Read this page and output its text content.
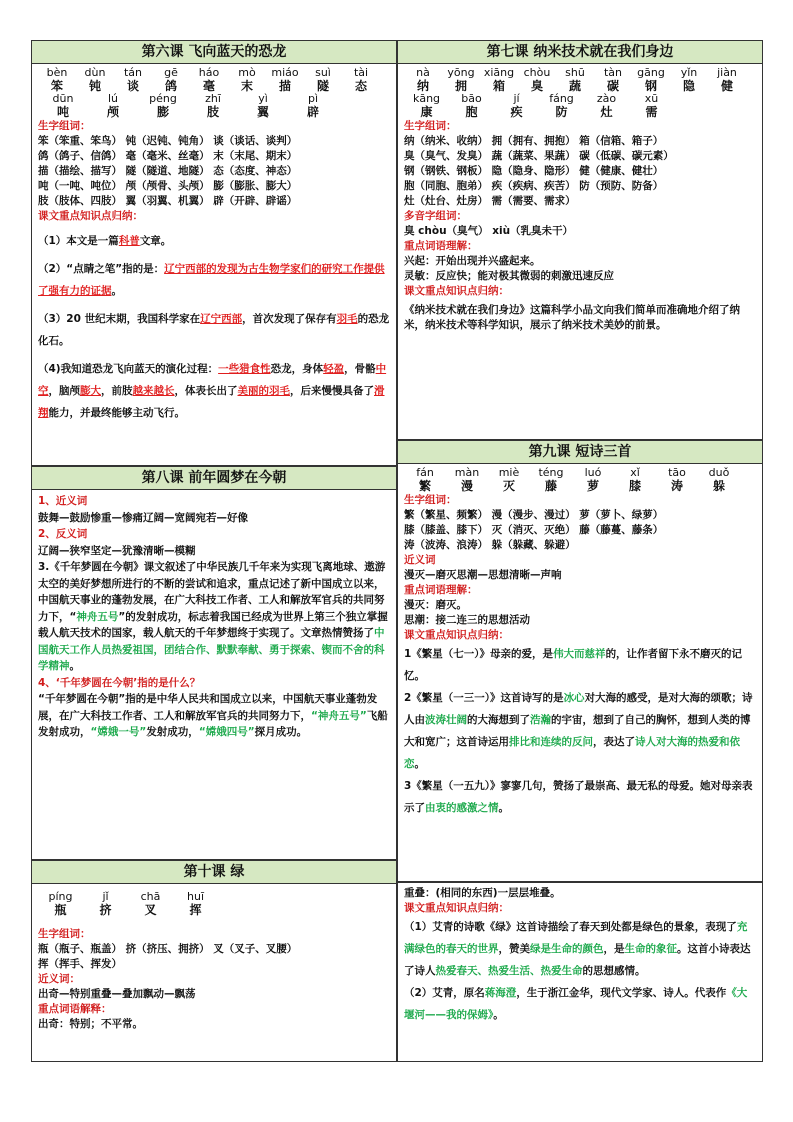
第六课 飞向蓝天的恐龙
bèn	dùn	tán	gē	háo	mò	miáo	suì	tài
笨	钝	谈	鸽	毫	末	描	隧	态
dūn	lú	péng	zhī	yì	pì
吨	颅	膨	肢	翼	辟
生字组词：
笨（笨重、笨鸟） 钝（迟钝、钝角） 谈（谈话、谈判）
鸽（鸽子、信鸽） 毫（毫米、丝毫） 末（末尾、期末）
描（描绘、描写） 隧（隧道、地隧） 态（态度、神态）
吨（一吨、吨位） 颅（颅骨、头颅） 膨（膨胀、膨大）
肢（肢体、四肢） 翼（羽翼、机翼） 辟（开辟、辟谣）
课文重点知识点归纳：

（1）本文是一篇科普文章。

（2）“点睛之笔”指的是：辽宁西部的发现为古生物学家们的研究工作提供了强有力的证据。

（3）20 世纪末期，我国科学家在辽宁西部，首次发现了保存有羽毛的恐龙化石。

（4)我知道恐龙飞向蓝天的演化过程：一些猎食性恐龙，身体轻盈，骨骼中空，脑颅膨大，前肢越来越长，体表长出了美丽的羽毛，后来慢慢具备了滑翔能力，并最终能够主动飞行。

第七课 纳米技术就在我们身边
nà	yōng xiāng chòu	shū	tàn	gāng	yǐn	jiàn
纳	拥	箱	臭	蔬	碳	钢	隐	健
kāng	bāo	jí	fáng	zào	xū
康	胞	疾	防	灶	需
生字组词：
纳（纳米、收纳） 拥（拥有、拥抱） 箱（信箱、箱子）
臭（臭气、发臭） 蔬（蔬菜、果蔬） 碳（低碳、碳元素）
钢（钢铁、钢板） 隐（隐身、隐形） 健（健康、健壮）
胞（同胞、胞弟） 疾（疾病、疾苦） 防（预防、防备）
灶（灶台、灶房） 需（需要、需求）
多音字组词：
臭 chòu（臭气） xiù（乳臭未干）
重点词语理解：
兴起：开始出现并兴盛起来。
灵敏：反应快；能对极其微弱的刺激迅速反应
课文重点知识点归纳：

《纳米技术就在我们身边》这篇科学小品文向我们简单而准确地介绍了纳米，纳米技术等科学知识，展示了纳米技术美妙的前景。

第八课 前年圆梦在今朝
1、近义词
鼓舞—鼓励惨重—惨痛辽阔—宽阔宛若—好像
2、反义词
辽阔—狭窄坚定—犹豫清晰—模糊

3.《千年梦圆在今朝》课文叙述了中华民族几千年来为实现飞离地球、遨游太空的美好梦想所进行的不断的尝试和追求，重点记述了新中国成立以来，中国航天事业的蓬勃发展，在广大科技工作者、工人和解放军官兵的共同努力下，“神舟五号”的发射成功，标志着我国已经成为世界上第三个独立掌握载人航天技术的国家，载人航天的千年梦想终于实现了。文章热情赞扬了中国航天工作人员热爱祖国，团结合作、默默奉献、勇于探索、锲而不舍的科学精神。

4、‘千年梦圆在今朝’指的是什么？

“千年梦圆在今朝”指的是中华人民共和国成立以来，中国航天事业蓬勃发展，在广大科技工作者、工人和解放军官兵的共同努力下，“神舟五号”飞船发射成功，“嫦娥一号”发射成功，“嫦娥四号”探月成功。

第九课 短诗三首
fán	màn	miè	téng	luó	xǐ	tāo	duǒ
繁	漫	灭	藤	萝	膝	涛	躲
生字组词：
繁（繁星、频繁） 漫（漫步、漫过） 萝（萝卜、绿萝）
膝（膝盖、膝下） 灭（消灭、灭绝） 藤（藤蔓、藤条）
涛（波涛、浪涛） 躲（躲藏、躲避）
近义词
漫灭—磨灭思潮—思想清晰—声响
重点词语理解：
漫灭：磨灭。
思潮：接二连三的思想活动
课文重点知识点归纳：

1《繁星（七一）》母亲的爱，是伟大而慈祥的，让作者留下永不磨灭的记忆。

2《繁星（一三一）》这首诗写的是冰心对大海的感受，是对大海的颂歌；诗人由波涛壮阔的大海想到了浩瀚的宇宙，想到了自己的胸怀，想到人类的博大和宽广；这首诗运用排比和连续的反问，表达了诗人对大海的热爱和依恋。

3《繁星（一五九）》寥寥几句，赞扬了最崇高、最无私的母爱。她对母亲表示了由衷的感激之情。

第十课 绿
píng	jǐ	chā	huī
瓶	挤	叉	挥
生字组词：
瓶（瓶子、瓶盖） 挤（挤压、拥挤） 叉（叉子、叉腰）
挥（挥手、挥发）
近义词：
出奇—特别重叠—叠加飘动—飘荡
重点词语解释：
出奇：特别；不平常。
重叠：(相同的东西)一层层堆叠。
课文重点知识点归纳：

（1）艾青的诗歌《绿》这首诗描绘了春天到处都是绿色的景象，表现了充满绿色的春天的世界，赞美绿是生命的颜色，是生命的象征。这首小诗表达了诗人热爱春天、热爱生活、热爱生命的思想感情。

（2）艾青，原名蒋海澄，生于浙江金华，现代文学家、诗人。代表作《大堰河——我的保姆》。
